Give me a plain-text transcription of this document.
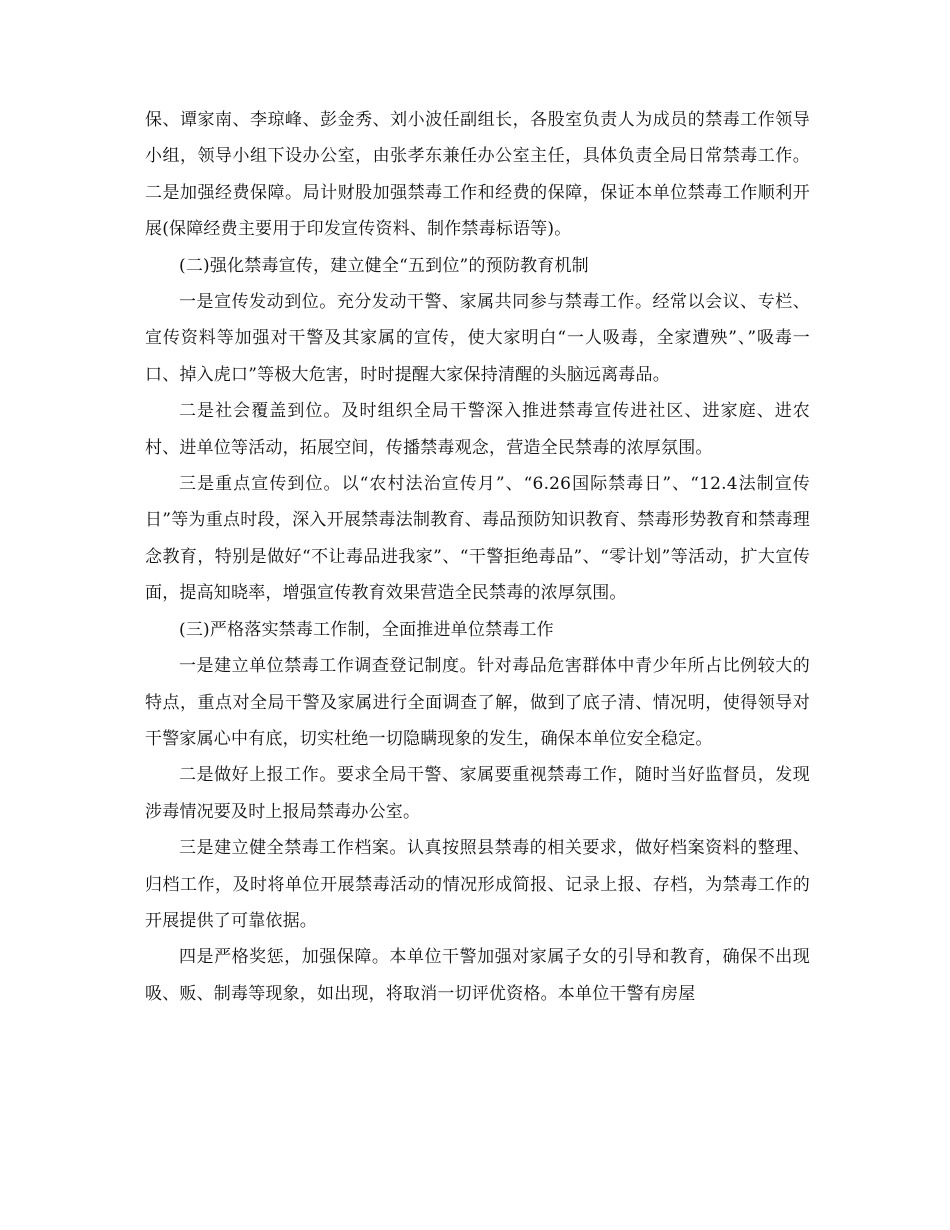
保、谭家南、李琼峰、彭金秀、刘小波任副组长，各股室负责人为成员的禁毒工作领导小组，领导小组下设办公室，由张孝东兼任办公室主任，具体负责全局日常禁毒工作。二是加强经费保障。局计财股加强禁毒工作和经费的保障，保证本单位禁毒工作顺利开展(保障经费主要用于印发宣传资料、制作禁毒标语等)。

(二)强化禁毒宣传，建立健全“五到位”的预防教育机制

一是宣传发动到位。充分发动干警、家属共同参与禁毒工作。经常以会议、专栏、宣传资料等加强对干警及其家属的宣传，使大家明白“一人吸毒，全家遭殃”、”吸毒一口、掉入虎口”等极大危害，时时提醒大家保持清醒的头脑远离毒品。

二是社会覆盖到位。及时组织全局干警深入推进禁毒宣传进社区、进家庭、进农村、进单位等活动，拓展空间，传播禁毒观念，营造全民禁毒的浓厚氛围。

三是重点宣传到位。以“农村法治宣传月”、“6.26国际禁毒日”、“12.4法制宣传日”等为重点时段，深入开展禁毒法制教育、毒品预防知识教育、禁毒形势教育和禁毒理念教育，特别是做好“不让毒品进我家”、“干警拒绝毒品”、“零计划”等活动，扩大宣传面，提高知晓率，增强宣传教育效果营造全民禁毒的浓厚氛围。

(三)严格落实禁毒工作制，全面推进单位禁毒工作

一是建立单位禁毒工作调查登记制度。针对毒品危害群体中青少年所占比例较大的特点，重点对全局干警及家属进行全面调查了解，做到了底子清、情况明，使得领导对干警家属心中有底，切实杜绝一切隐瞒现象的发生，确保本单位安全稳定。

二是做好上报工作。要求全局干警、家属要重视禁毒工作，随时当好监督员，发现涉毒情况要及时上报局禁毒办公室。

三是建立健全禁毒工作档案。认真按照县禁毒的相关要求，做好档案资料的整理、归档工作，及时将单位开展禁毒活动的情况形成简报、记录上报、存档，为禁毒工作的开展提供了可靠依据。

四是严格奖惩，加强保障。本单位干警加强对家属子女的引导和教育，确保不出现吸、贩、制毒等现象，如出现，将取消一切评优资格。本单位干警有房屋
